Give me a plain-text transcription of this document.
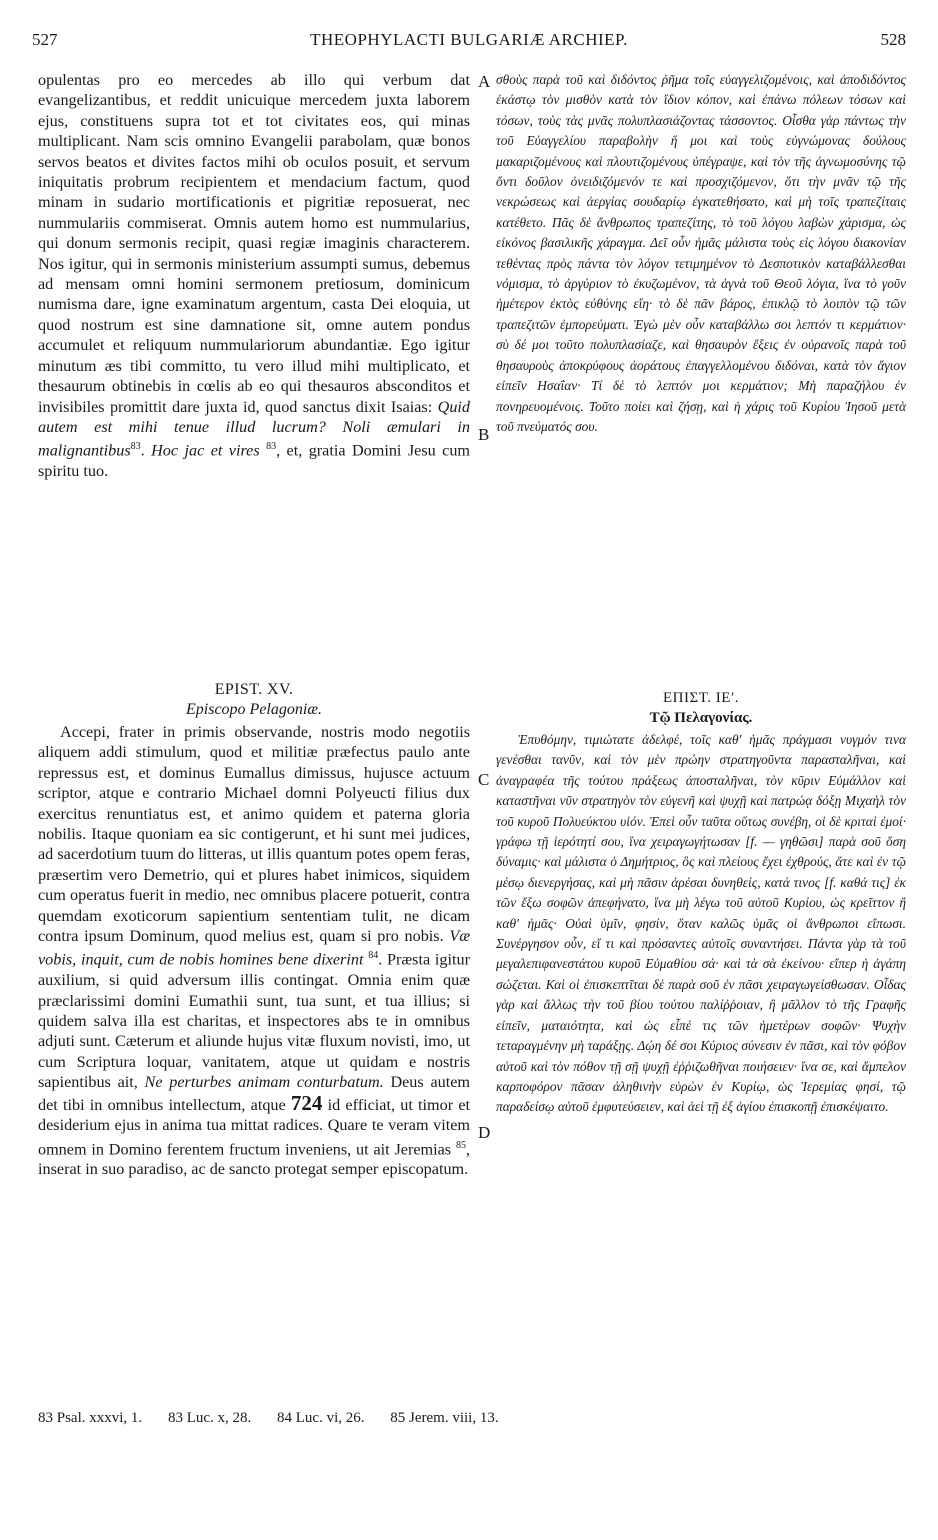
527	THEOPHYLACTI BULGARIÆ ARCHIEP.	528
A
B
C
D

opulentas pro eo mercedes ab illo qui verbum dat evangelizantibus, et reddit unicuique mercedem juxta laborem ejus, constituens supra tot et tot civitates eos, qui minas multiplicant. Nam scis omnino Evangelii parabolam, quæ bonos servos beatos et divites factos mihi ob oculos posuit, et servum iniquitatis probrum recipientem et mendacium factum, quod minam in sudario mortificationis et pigritiæ reposuerat, nec nummulariis commiserat. Omnis autem homo est nummularius, qui donum sermonis recipit, quasi regiæ imaginis characterem. Nos igitur, qui in sermonis ministerium assumpti sumus, debemus ad mensam omni homini sermonem pretiosum, dominicum numisma dare, igne examinatum argentum, casta Dei eloquia, ut quod nostrum est sine damnatione sit, omne autem pondus accumulet et reliquum nummulariorum abundantiæ. Ego igitur minutum æs tibi committo, tu vero illud mihi multiplicato, et thesaurum obtinebis in cœlis ab eo qui thesauros absconditos et invisibiles promittit dare juxta id, quod sanctus dixit Isaias: Quid autem est mihi tenue illud lucrum? Noli æmulari in malignantibus$^{83}$. Hoc jac et vires $^{83}$, et, gratia Domini Jesu cum spiritu tuo.

EPIST. XV.
Episcopo Pelagoniæ.

Accepi, frater in primis observande, nostris modo negotiis aliquem addi stimulum, quod et militiæ præfectus paulo ante repressus est, et dominus Eumallus dimissus, hujusce actuum scriptor, atque e contrario Michael domni Polyeucti filius dux exercitus renuntiatus est, et animo quidem et paterna gloria nobilis. Itaque quoniam ea sic contigerunt, et hi sunt mei judices, ad sacerdotium tuum do litteras, ut illis quantum potes opem feras, præsertim vero Demetrio, qui et plures habet inimicos, siquidem cum operatus fuerit in medio, nec omnibus placere potuerit, contra quemdam exoticorum sapientium sententiam tulit, ne dicam contra ipsum Dominum, quod melius est, quam si pro nobis. Væ vobis, inquit, cum de nobis homines bene dixerint $^{84}$. Præsta igitur auxilium, si quid adversum illis contingat. Omnia enim quæ præclarissimi domini Eumathii sunt, tua sunt, et tua illius; si quidem salva illa est charitas, et inspectores abs te in omnibus adjuti sunt. Cæterum et aliunde hujus vitæ fluxum novisti, imo, ut cum Scriptura loquar, vanitatem, atque ut quidam e nostris sapientibus ait, Ne perturbes animam conturbatum. Deus autem det tibi in omnibus intellectum, atque 724 id efficiat, ut timor et desiderium ejus in anima tua mittat radices. Quare te veram vitem omnem in Domino ferentem fructum inveniens, ut ait Jeremias $^{85}$, inserat in suo paradiso, ac de sancto protegat semper episcopatum.

σθοὺς παρὰ τοῦ καὶ διδόντος ῥῆμα τοῖς εὐαγγελιζομένοις, καὶ ἀποδιδόντος ἑκάστῳ τὸν μισθὸν κατὰ τὸν ἴδιον κόπον, καὶ ἐπάνω πόλεων τόσων καὶ τόσων, τοὺς τὰς μνᾶς πολυπλασιάζοντας τάσσοντος. Οἶσθα γὰρ πάντως τὴν τοῦ Εὐαγγελίου παραβολὴν ἥ μοι καὶ τοὺς εὐγνώμονας δούλους μακαριζομένους καὶ πλουτιζομένους ὑπέγραψε, καὶ τὸν τῆς ἀγνωμοσύνης τῷ ὄντι δοῦλον ὀνειδιζόμενόν τε καὶ προσχιζόμενον, ὅτι τὴν μνᾶν τῷ τῆς νεκρώσεως καὶ ἀεργίας σουδαρίῳ ἐγκατεθήσατο, καὶ μὴ τοῖς τραπεζίταις κατέθετο. Πᾶς δὲ ἄνθρωπος τραπεζίτης, τὸ τοῦ λόγου λαβὼν χάρισμα, ὡς εἰκόνος βασιλικῆς χάραγμα. Δεῖ οὖν ἡμᾶς μάλιστα τοὺς εἰς λόγου διακονίαν τεθέντας πρὸς πάντα τὸν λόγον τετιμημένον τὸ Δεσποτικὸν καταβάλλεσθαι νόμισμα, τὸ ἀργύριον τὸ ἐκυζωμένον, τὰ ἁγνὰ τοῦ Θεοῦ λόγια, ἵνα τὸ γοῦν ἡμέτερον ἐκτὸς εὐθύνης εἴη· τὸ δὲ πᾶν βάρος, ἐπικλῷ τὸ λοιπὸν τῷ τῶν τραπεζιτῶν ἐμπορεύματι. Ἐγὼ μὲν οὖν καταβάλλω σοι λεπτόν τι κερμάτιον· σὺ δέ μοι τοῦτο πολυπλασίαζε, καὶ θησαυρὸν ἕξεις ἐν οὐρανοῖς παρὰ τοῦ θησαυροὺς ἀποκρύφους ἀοράτους ἐπαγγελλομένου διδόναι, κατὰ τὸν ἅγιον εἰπεῖν Ησαΐαν· Τί δὲ τὸ λεπτόν μοι κερμάτιον; Μὴ παραζήλου ἐν πονηρευομένοις. Τοῦτο ποίει καὶ ζήσῃ, καὶ ἡ χάρις τοῦ Κυρίου Ἰησοῦ μετὰ τοῦ πνεύματός σου.

ΕΠΙΣΤ. ΙΕʹ.
Τῷ Πελαγονίας.

Ἐπυθόμην, τιμιώτατε ἀδελφέ, τοῖς καθ' ἡμᾶς πράγμασι νυγμόν τινα γενέσθαι τανῦν, καὶ τὸν μὲν πρώην στρατηγοῦντα παρασταλῆναι, καὶ ἀναγραφέα τῆς τούτου πράξεως ἀποσταλῆναι, τὸν κῦριν Εὐμάλλον καὶ καταστῆναι νῦν στρατηγὸν τὸν εὐγενῆ καὶ ψυχῇ καὶ πατρώᾳ δόξῃ Μιχαὴλ τὸν τοῦ κυροῦ Πολυεύκτου υἱόν. Ἐπεὶ οὖν ταῦτα οὕτως συνέβη, οἱ δὲ κριταὶ ἐμοί· γράφω τῇ ἱερότητί σου, ἵνα χειραγωγήτωσαν [f. — γηθῶσι] παρὰ σοῦ ὅση δύναμις· καὶ μάλιστα ὁ Δημήτριος, ὃς καὶ πλείους ἔχει ἐχθρούς, ἅτε καὶ ἐν τῷ μέσῳ διενεργήσας, καὶ μὴ πᾶσιν ἀρέσαι δυνηθείς, κατά τινος [f. καθά τις] ἐκ τῶν ἔξω σοφῶν ἀπεφήνατο, ἵνα μὴ λέγω τοῦ αὐτοῦ Κυρίου, ὡς κρεῖττον ἢ καθ' ἡμᾶς· Οὐαὶ ὑμῖν, φησίν, ὅταν καλῶς ὑμᾶς οἱ ἄνθρωποι εἴπωσι. Συνέργησον οὖν, εἴ τι καὶ πρόσαντες αὐτοῖς συναντήσει. Πάντα γὰρ τὰ τοῦ μεγαλεπιφανεστάτου κυροῦ Εὐμαθίου σά· καὶ τὰ σὰ ἐκείνου· εἴπερ ἡ ἀγάπη σώζεται. Καὶ οἱ ἐπισκεπτῖται δὲ παρὰ σοῦ ἐν πᾶσι χειραγωγείσθωσαν. Οἶδας γὰρ καὶ ἄλλως τὴν τοῦ βίου τούτου παλίῤῥοιαν, ἢ μᾶλλον τὸ τῆς Γραφῆς εἰπεῖν, ματαιότητα, καὶ ὡς εἶπέ τις τῶν ἡμετέρων σοφῶν· Ψυχὴν τεταραγμένην μὴ ταράξῃς. Δῴη δέ σοι Κύριος σύνεσιν ἐν πᾶσι, καὶ τὸν φόβον αὐτοῦ καὶ τὸν πόθον τῇ σῇ ψυχῇ ἐῤῥιζωθῆναι ποιήσειεν· ἵνα σε, καὶ ἄμπελον καρποφόρον πᾶσαν ἀληθινὴν εὑρὼν ἐν Κυρίῳ, ὡς Ἱερεμίας φησί, τῷ παραδείσῳ αὐτοῦ ἐμφυτεύσειεν, καὶ ἀεὶ τῇ ἐξ ἁγίου ἐπισκοπῇ ἐπισκέψαιτο.

83 Psal. xxxvi, 1. 83 Luc. x, 28. 84 Luc. vi, 26. 85 Jerem. viii, 13.
